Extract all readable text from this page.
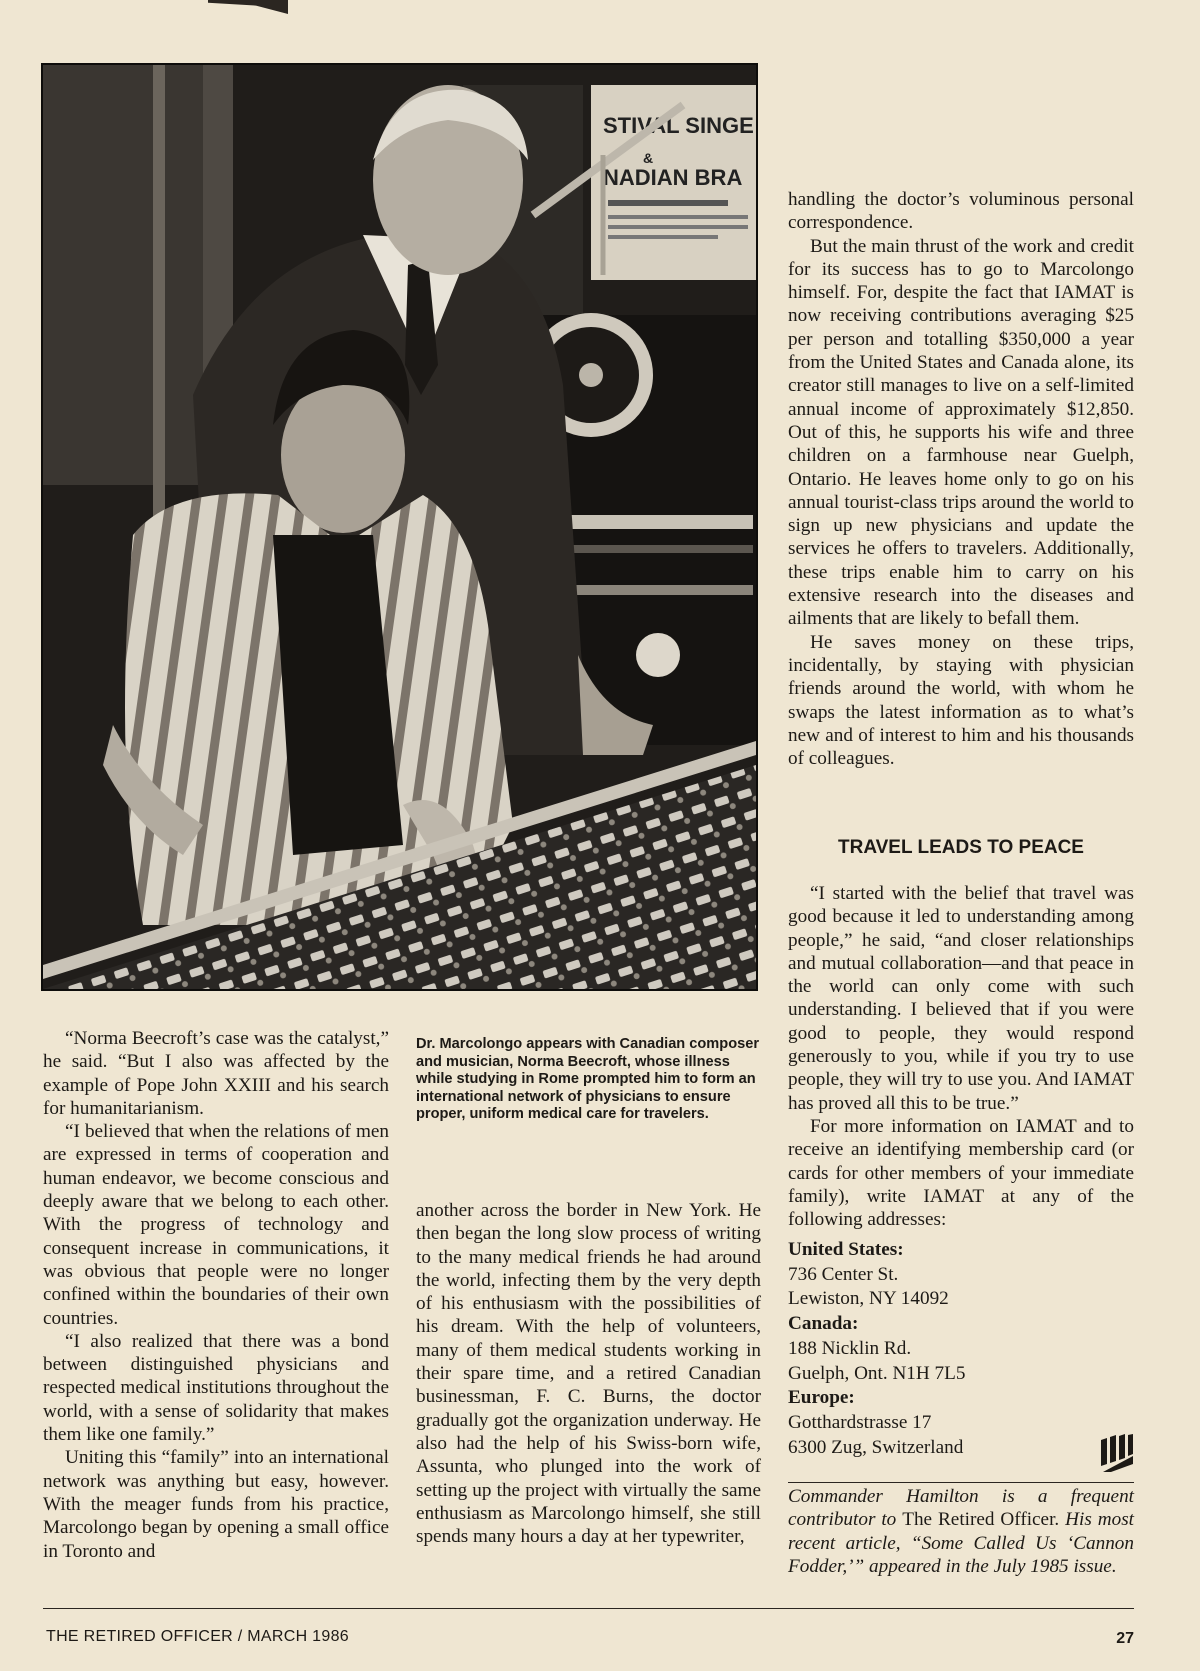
STIVAL SINGE
&
NADIAN BRA
Dr. Marcolongo appears with Canadian composer and musician, Norma Beecroft, whose illness while studying in Rome prompted him to form an international network of physicians to ensure proper, uniform medical care for travelers.

“Norma Beecroft’s case was the catalyst,” he said. “But I also was affected by the example of Pope John XXIII and his search for humanitarianism.

“I believed that when the relations of men are expressed in terms of cooperation and human endeavor, we become conscious and deeply aware that we belong to each other. With the progress of technology and consequent increase in communications, it was obvious that people were no longer confined within the boundaries of their own countries.

“I also realized that there was a bond between distinguished physicians and respected medical institutions throughout the world, with a sense of solidarity that makes them like one family.”

Uniting this “family” into an international network was anything but easy, however. With the meager funds from his practice, Marcolongo began by opening a small office in Toronto and

another across the border in New York. He then began the long slow process of writing to the many medical friends he had around the world, infecting them by the very depth of his enthusiasm with the possibilities of his dream. With the help of volunteers, many of them medical students working in their spare time, and a retired Canadian businessman, F. C. Burns, the doctor gradually got the organization underway. He also had the help of his Swiss-born wife, Assunta, who plunged into the work of setting up the project with virtually the same enthusiasm as Marcolongo himself, she still spends many hours a day at her typewriter,

handling the doctor’s voluminous personal correspondence.

But the main thrust of the work and credit for its success has to go to Marcolongo himself. For, despite the fact that IAMAT is now receiving contributions averaging $25 per person and totalling $350,000 a year from the United States and Canada alone, its creator still manages to live on a self-limited annual income of approximately $12,850. Out of this, he supports his wife and three children on a farmhouse near Guelph, Ontario. He leaves home only to go on his annual tourist-class trips around the world to sign up new physicians and update the services he offers to travelers. Additionally, these trips enable him to carry on his extensive research into the diseases and ailments that are likely to befall them.

He saves money on these trips, incidentally, by staying with physician friends around the world, with whom he swaps the latest information as to what’s new and of interest to him and his thousands of colleagues.

TRAVEL LEADS TO PEACE

“I started with the belief that travel was good because it led to understanding among people,” he said, “and closer relationships and mutual collaboration—and that peace in the world can only come with such understanding. I believed that if you were good to people, they would respond generously to you, while if you try to use people, they will try to use you. And IAMAT has proved all this to be true.”

For more information on IAMAT and to receive an identifying membership card (or cards for other members of your immediate family), write IAMAT at any of the following addresses:

United States:
736 Center St.
Lewiston, NY 14092
Canada:
188 Nicklin Rd.
Guelph, Ont. N1H 7L5
Europe:
Gotthardstrasse 17
6300 Zug, Switzerland
Commander Hamilton is a frequent contributor to The Retired Officer. His most recent article, “Some Called Us ‘Cannon Fodder,’” appeared in the July 1985 issue.
THE RETIRED OFFICER / MARCH 1986	27
